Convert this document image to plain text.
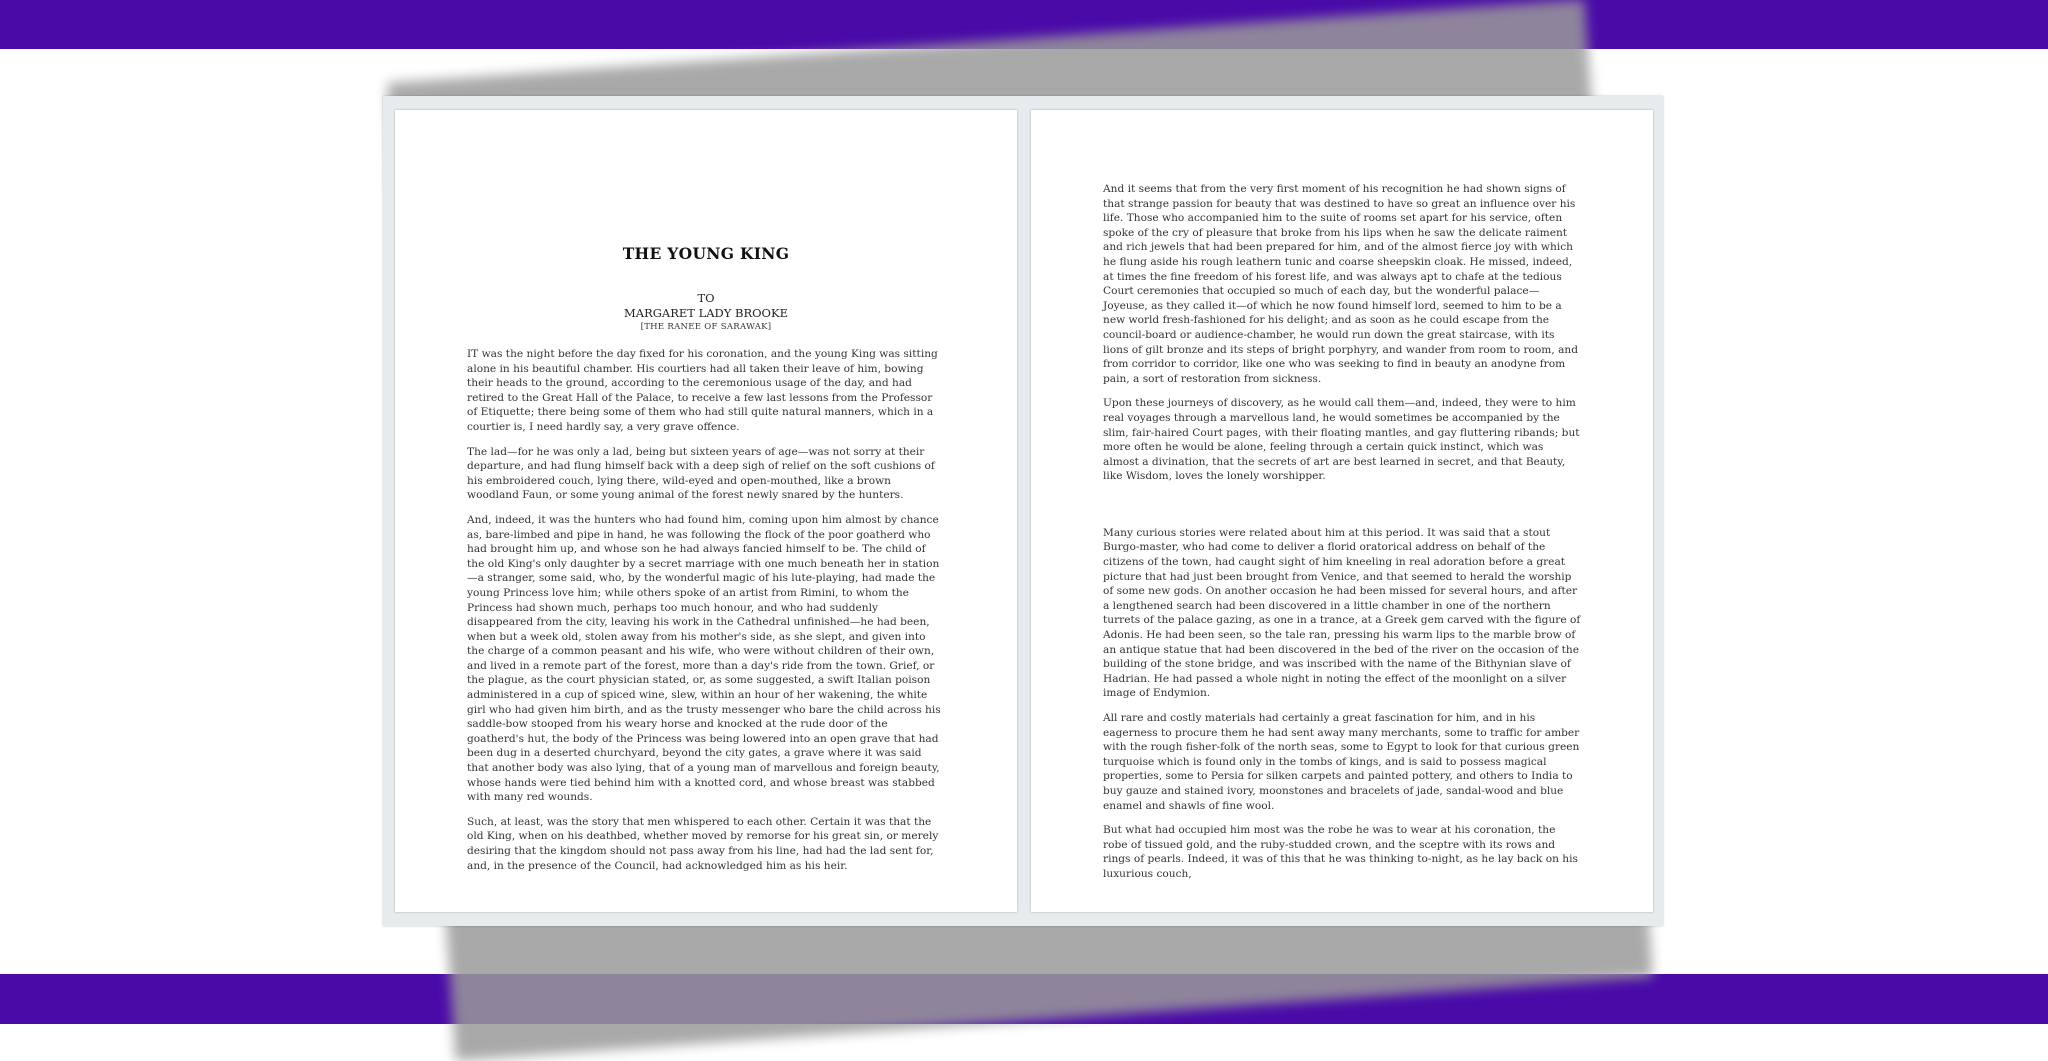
THE YOUNG KING

TO

MARGARET LADY BROOKE

[THE RANEE OF SARAWAK]

IT was the night before the day fixed for his coronation, and the young King was sitting alone in his beautiful chamber. His courtiers had all taken their leave of him, bowing their heads to the ground, according to the ceremonious usage of the day, and had retired to the Great Hall of the Palace, to receive a few last lessons from the Professor of Etiquette; there being some of them who had still quite natural manners, which in a courtier is, I need hardly say, a very grave offence.

The lad—for he was only a lad, being but sixteen years of age—was not sorry at their departure, and had flung himself back with a deep sigh of relief on the soft cushions of his embroidered couch, lying there, wild-eyed and open-mouthed, like a brown woodland Faun, or some young animal of the forest newly snared by the hunters.

And, indeed, it was the hunters who had found him, coming upon him almost by chance as, bare-limbed and pipe in hand, he was following the flock of the poor goatherd who had brought him up, and whose son he had always fancied himself to be. The child of the old King's only daughter by a secret marriage with one much beneath her in station—a stranger, some said, who, by the wonderful magic of his lute-playing, had made the young Princess love him; while others spoke of an artist from Rimini, to whom the Princess had shown much, perhaps too much honour, and who had suddenly disappeared from the city, leaving his work in the Cathedral unfinished—he had been, when but a week old, stolen away from his mother's side, as she slept, and given into the charge of a common peasant and his wife, who were without children of their own, and lived in a remote part of the forest, more than a day's ride from the town. Grief, or the plague, as the court physician stated, or, as some suggested, a swift Italian poison administered in a cup of spiced wine, slew, within an hour of her wakening, the white girl who had given him birth, and as the trusty messenger who bare the child across his saddle-bow stooped from his weary horse and knocked at the rude door of the goatherd's hut, the body of the Princess was being lowered into an open grave that had been dug in a deserted churchyard, beyond the city gates, a grave where it was said that another body was also lying, that of a young man of marvellous and foreign beauty, whose hands were tied behind him with a knotted cord, and whose breast was stabbed with many red wounds.

Such, at least, was the story that men whispered to each other. Certain it was that the old King, when on his deathbed, whether moved by remorse for his great sin, or merely desiring that the kingdom should not pass away from his line, had had the lad sent for, and, in the presence of the Council, had acknowledged him as his heir.

And it seems that from the very first moment of his recognition he had shown signs of that strange passion for beauty that was destined to have so great an influence over his life. Those who accompanied him to the suite of rooms set apart for his service, often spoke of the cry of pleasure that broke from his lips when he saw the delicate raiment and rich jewels that had been prepared for him, and of the almost fierce joy with which he flung aside his rough leathern tunic and coarse sheepskin cloak. He missed, indeed, at times the fine freedom of his forest life, and was always apt to chafe at the tedious Court ceremonies that occupied so much of each day, but the wonderful palace—Joyeuse, as they called it—of which he now found himself lord, seemed to him to be a new world fresh-fashioned for his delight; and as soon as he could escape from the council-board or audience-chamber, he would run down the great staircase, with its lions of gilt bronze and its steps of bright porphyry, and wander from room to room, and from corridor to corridor, like one who was seeking to find in beauty an anodyne from pain, a sort of restoration from sickness.

Upon these journeys of discovery, as he would call them—and, indeed, they were to him real voyages through a marvellous land, he would sometimes be accompanied by the slim, fair-haired Court pages, with their floating mantles, and gay fluttering ribands; but more often he would be alone, feeling through a certain quick instinct, which was almost a divination, that the secrets of art are best learned in secret, and that Beauty, like Wisdom, loves the lonely worshipper.

Many curious stories were related about him at this period. It was said that a stout Burgo-master, who had come to deliver a florid oratorical address on behalf of the citizens of the town, had caught sight of him kneeling in real adoration before a great picture that had just been brought from Venice, and that seemed to herald the worship of some new gods. On another occasion he had been missed for several hours, and after a lengthened search had been discovered in a little chamber in one of the northern turrets of the palace gazing, as one in a trance, at a Greek gem carved with the figure of Adonis. He had been seen, so the tale ran, pressing his warm lips to the marble brow of an antique statue that had been discovered in the bed of the river on the occasion of the building of the stone bridge, and was inscribed with the name of the Bithynian slave of Hadrian. He had passed a whole night in noting the effect of the moonlight on a silver image of Endymion.

All rare and costly materials had certainly a great fascination for him, and in his eagerness to procure them he had sent away many merchants, some to traffic for amber with the rough fisher-folk of the north seas, some to Egypt to look for that curious green turquoise which is found only in the tombs of kings, and is said to possess magical properties, some to Persia for silken carpets and painted pottery, and others to India to buy gauze and stained ivory, moonstones and bracelets of jade, sandal-wood and blue enamel and shawls of fine wool.

But what had occupied him most was the robe he was to wear at his coronation, the robe of tissued gold, and the ruby-studded crown, and the sceptre with its rows and rings of pearls. Indeed, it was of this that he was thinking to-night, as he lay back on his luxurious couch,
